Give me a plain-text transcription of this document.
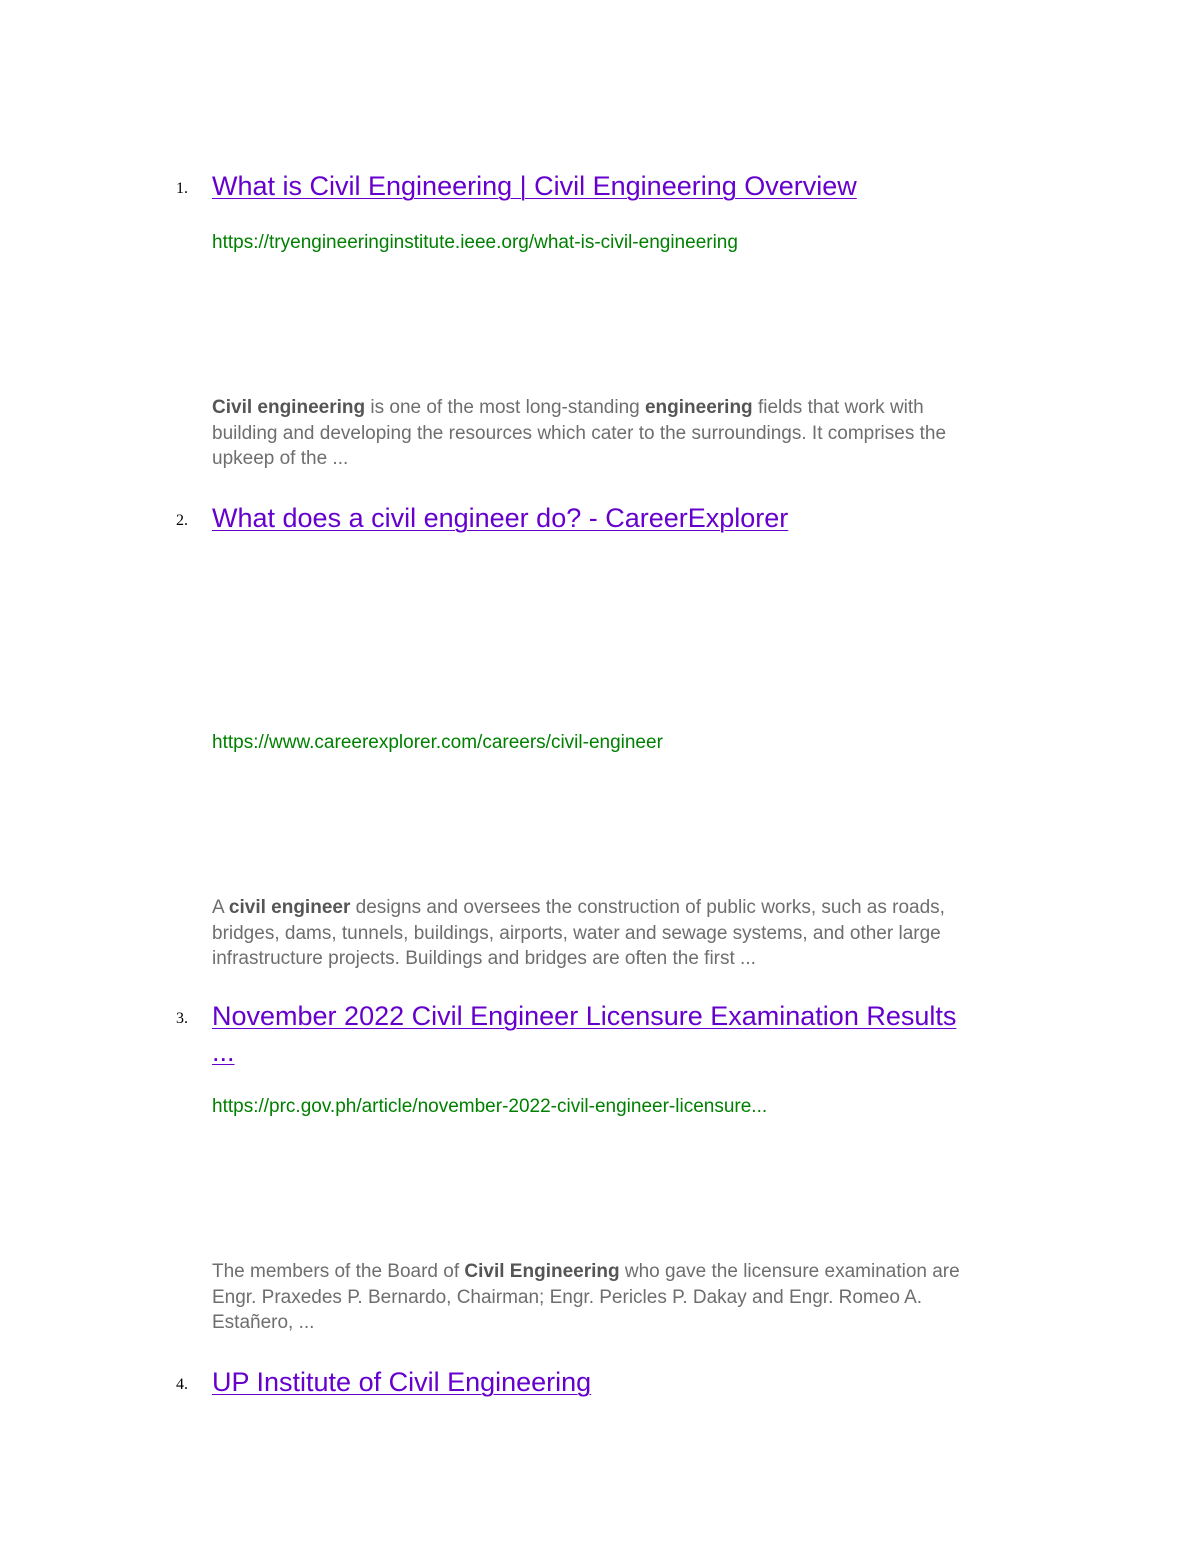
1. What is Civil Engineering | Civil Engineering Overview
https://tryengineeringinstitute.ieee.org/what-is-civil-engineering
Civil engineering is one of the most long-standing engineering fields that work with
building and developing the resources which cater to the surroundings. It comprises the
upkeep of the ...
2. What does a civil engineer do? - CareerExplorer
https://www.careerexplorer.com/careers/civil-engineer
A civil engineer designs and oversees the construction of public works, such as roads,
bridges, dams, tunnels, buildings, airports, water and sewage systems, and other large
infrastructure projects. Buildings and bridges are often the first ...
3. November 2022 Civil Engineer Licensure Examination Results
...
https://prc.gov.ph/article/november-2022-civil-engineer-licensure...
The members of the Board of Civil Engineering who gave the licensure examination are
Engr. Praxedes P. Bernardo, Chairman; Engr. Pericles P. Dakay and Engr. Romeo A.
Estañero, ...
4. UP Institute of Civil Engineering
